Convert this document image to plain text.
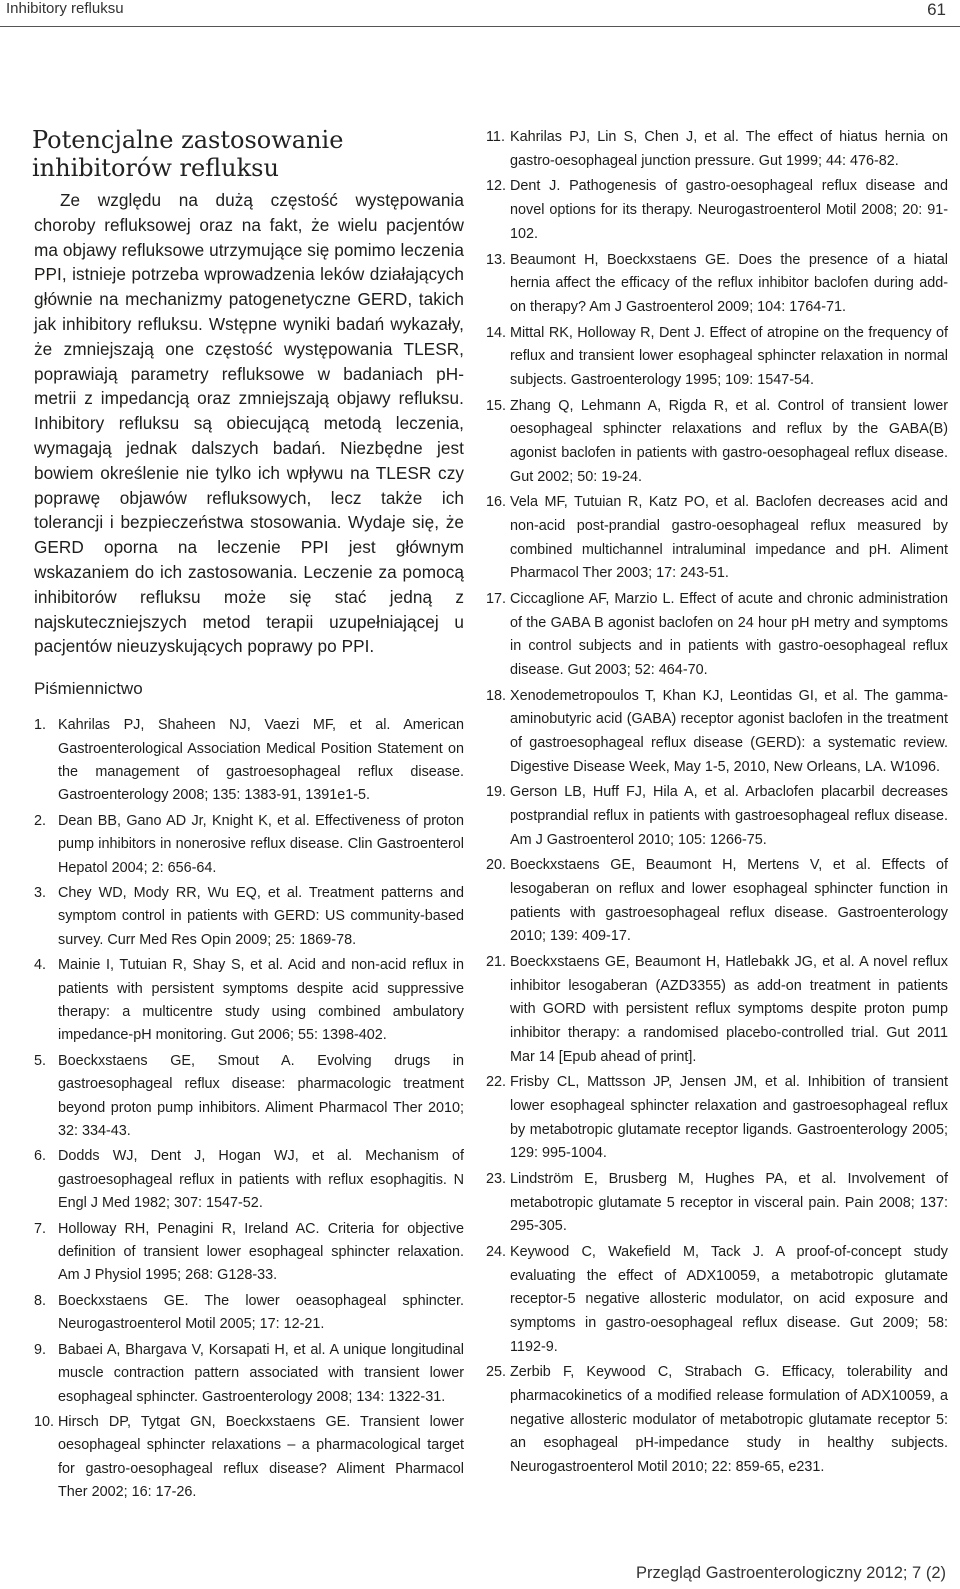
Inhibitory refluksu	61
Potencjalne zastosowanie
inhibitorów refluksu

Ze względu na dużą częstość występowania choroby refluksowej oraz na fakt, że wielu pacjentów ma objawy refluksowe utrzymujące się pomimo leczenia PPI, istnieje potrzeba wprowadzenia leków działających głównie na mechanizmy patogenetyczne GERD, takich jak inhibitory refluksu. Wstępne wyniki badań wykazały, że zmniejszają one częstość występowania TLESR, poprawiają parametry refluksowe w badaniach pH-metrii z impedancją oraz zmniejszają objawy refluksu. Inhibitory refluksu są obiecującą metodą leczenia, wymagają jednak dalszych badań. Niezbędne jest bowiem określenie nie tylko ich wpływu na TLESR czy poprawę objawów refluksowych, lecz także ich tolerancji i bezpieczeństwa stosowania. Wydaje się, że GERD oporna na leczenie PPI jest głównym wskazaniem do ich zastosowania. Leczenie za pomocą inhibitorów refluksu może się stać jedną z najskuteczniejszych metod terapii uzupełniającej u pacjentów nieuzyskujących poprawy po PPI.

Piśmiennictwo
1. Kahrilas PJ, Shaheen NJ, Vaezi MF, et al. American Gastroenterological Association Medical Position Statement on the management of gastroesophageal reflux disease. Gastroenterology 2008; 135: 1383-91, 1391e1-5.
2. Dean BB, Gano AD Jr, Knight K, et al. Effectiveness of proton pump inhibitors in nonerosive reflux disease. Clin Gastroenterol Hepatol 2004; 2: 656-64.
3. Chey WD, Mody RR, Wu EQ, et al. Treatment patterns and symptom control in patients with GERD: US community-based survey. Curr Med Res Opin 2009; 25: 1869-78.
4. Mainie I, Tutuian R, Shay S, et al. Acid and non-acid reflux in patients with persistent symptoms despite acid suppressive therapy: a multicentre study using combined ambulatory impedance-pH monitoring. Gut 2006; 55: 1398-402.
5. Boeckxstaens GE, Smout A. Evolving drugs in gastroesophageal reflux disease: pharmacologic treatment beyond proton pump inhibitors. Aliment Pharmacol Ther 2010; 32: 334-43.
6. Dodds WJ, Dent J, Hogan WJ, et al. Mechanism of gastroesophageal reflux in patients with reflux esophagitis. N Engl J Med 1982; 307: 1547-52.
7. Holloway RH, Penagini R, Ireland AC. Criteria for objective definition of transient lower esophageal sphincter relaxation. Am J Physiol 1995; 268: G128-33.
8. Boeckxstaens GE. The lower oeasophageal sphincter. Neurogastroenterol Motil 2005; 17: 12-21.
9. Babaei A, Bhargava V, Korsapati H, et al. A unique longitudinal muscle contraction pattern associated with transient lower esophageal sphincter. Gastroenterology 2008; 134: 1322-31.
10. Hirsch DP, Tytgat GN, Boeckxstaens GE. Transient lower oesophageal sphincter relaxations – a pharmacological target for gastro-oesophageal reflux disease? Aliment Pharmacol Ther 2002; 16: 17-26.
11. Kahrilas PJ, Lin S, Chen J, et al. The effect of hiatus hernia on gastro-oesophageal junction pressure. Gut 1999; 44: 476-82.
12. Dent J. Pathogenesis of gastro-oesophageal reflux disease and novel options for its therapy. Neurogastroenterol Motil 2008; 20: 91-102.
13. Beaumont H, Boeckxstaens GE. Does the presence of a hiatal hernia affect the efficacy of the reflux inhibitor baclofen during add-on therapy? Am J Gastroenterol 2009; 104: 1764-71.
14. Mittal RK, Holloway R, Dent J. Effect of atropine on the frequency of reflux and transient lower esophageal sphincter relaxation in normal subjects. Gastroenterology 1995; 109: 1547-54.
15. Zhang Q, Lehmann A, Rigda R, et al. Control of transient lower oesophageal sphincter relaxations and reflux by the GABA(B) agonist baclofen in patients with gastro-oesophageal reflux disease. Gut 2002; 50: 19-24.
16. Vela MF, Tutuian R, Katz PO, et al. Baclofen decreases acid and non-acid post-prandial gastro-oesophageal reflux measured by combined multichannel intraluminal impedance and pH. Aliment Pharmacol Ther 2003; 17: 243-51.
17. Ciccaglione AF, Marzio L. Effect of acute and chronic administration of the GABA B agonist baclofen on 24 hour pH metry and symptoms in control subjects and in patients with gastro-oesophageal reflux disease. Gut 2003; 52: 464-70.
18. Xenodemetropoulos T, Khan KJ, Leontidas GI, et al. The gamma-aminobutyric acid (GABA) receptor agonist baclofen in the treatment of gastroesophageal reflux disease (GERD): a systematic review. Digestive Disease Week, May 1-5, 2010, New Orleans, LA. W1096.
19. Gerson LB, Huff FJ, Hila A, et al. Arbaclofen placarbil decreases postprandial reflux in patients with gastroesophageal reflux disease. Am J Gastroenterol 2010; 105: 1266-75.
20. Boeckxstaens GE, Beaumont H, Mertens V, et al. Effects of lesogaberan on reflux and lower esophageal sphincter function in patients with gastroesophageal reflux disease. Gastroenterology 2010; 139: 409-17.
21. Boeckxstaens GE, Beaumont H, Hatlebakk JG, et al. A novel reflux inhibitor lesogaberan (AZD3355) as add-on treatment in patients with GORD with persistent reflux symptoms despite proton pump inhibitor therapy: a randomised placebo-controlled trial. Gut 2011 Mar 14 [Epub ahead of print].
22. Frisby CL, Mattsson JP, Jensen JM, et al. Inhibition of transient lower esophageal sphincter relaxation and gastroesophageal reflux by metabotropic glutamate receptor ligands. Gastroenterology 2005; 129: 995-1004.
23. Lindström E, Brusberg M, Hughes PA, et al. Involvement of metabotropic glutamate 5 receptor in visceral pain. Pain 2008; 137: 295-305.
24. Keywood C, Wakefield M, Tack J. A proof-of-concept study evaluating the effect of ADX10059, a metabotropic glutamate receptor-5 negative allosteric modulator, on acid exposure and symptoms in gastro-oesophageal reflux disease. Gut 2009; 58: 1192-9.
25. Zerbib F, Keywood C, Strabach G. Efficacy, tolerability and pharmacokinetics of a modified release formulation of ADX10059, a negative allosteric modulator of metabotropic glutamate receptor 5: an esophageal pH-impedance study in healthy subjects. Neurogastroenterol Motil 2010; 22: 859-65, e231.
Przegląd Gastroenterologiczny 2012; 7 (2)
